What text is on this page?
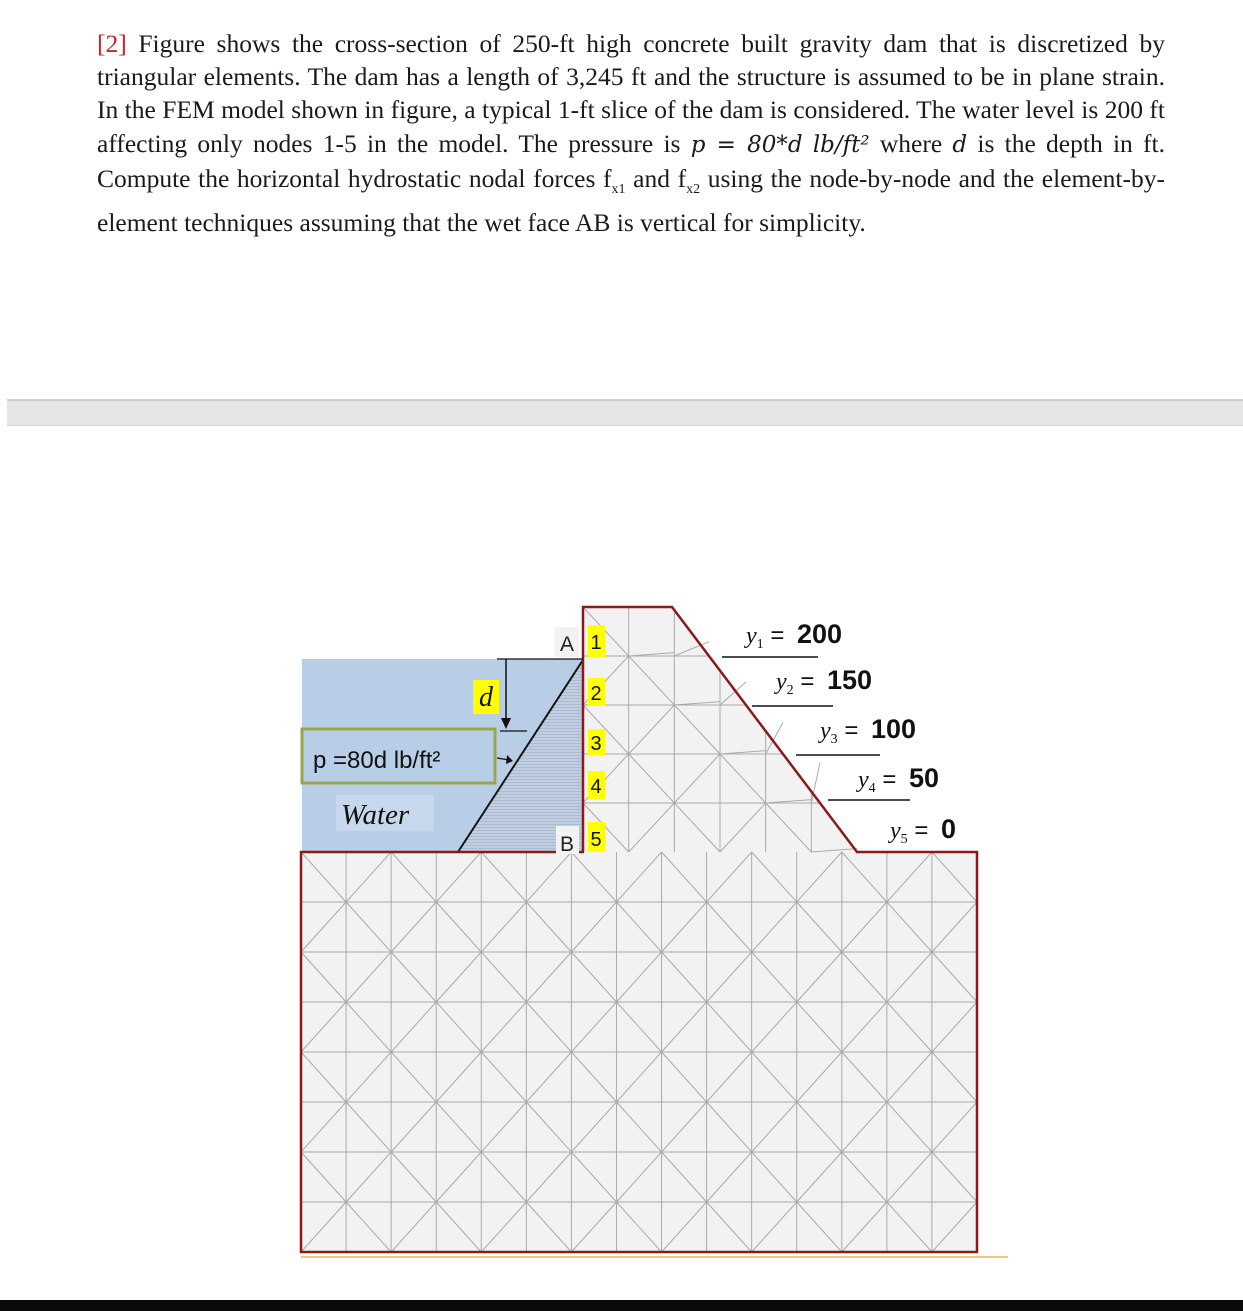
[2] Figure shows the cross-section of 250-ft high concrete built gravity dam that is discretized by triangular elements. The dam has a length of 3,245 ft and the structure is assumed to be in plane strain. In the FEM model shown in figure, a typical 1-ft slice of the dam is considered. The water level is 200 ft affecting only nodes 1-5 in the model. The pressure is p = 80*d lb/ft² where d is the depth in ft. Compute the horizontal hydrostatic nodal forces $f_{x1}$ and $f_{x2}$ using the node-by-node and the element-by-element techniques assuming that the wet face AB is vertical for simplicity.
d
p =80d lb/ft²
Water
A
B
1
2
3
4
5
y1 = 200
y2 = 150
y3 = 100
y4 = 50
y5 = 0
